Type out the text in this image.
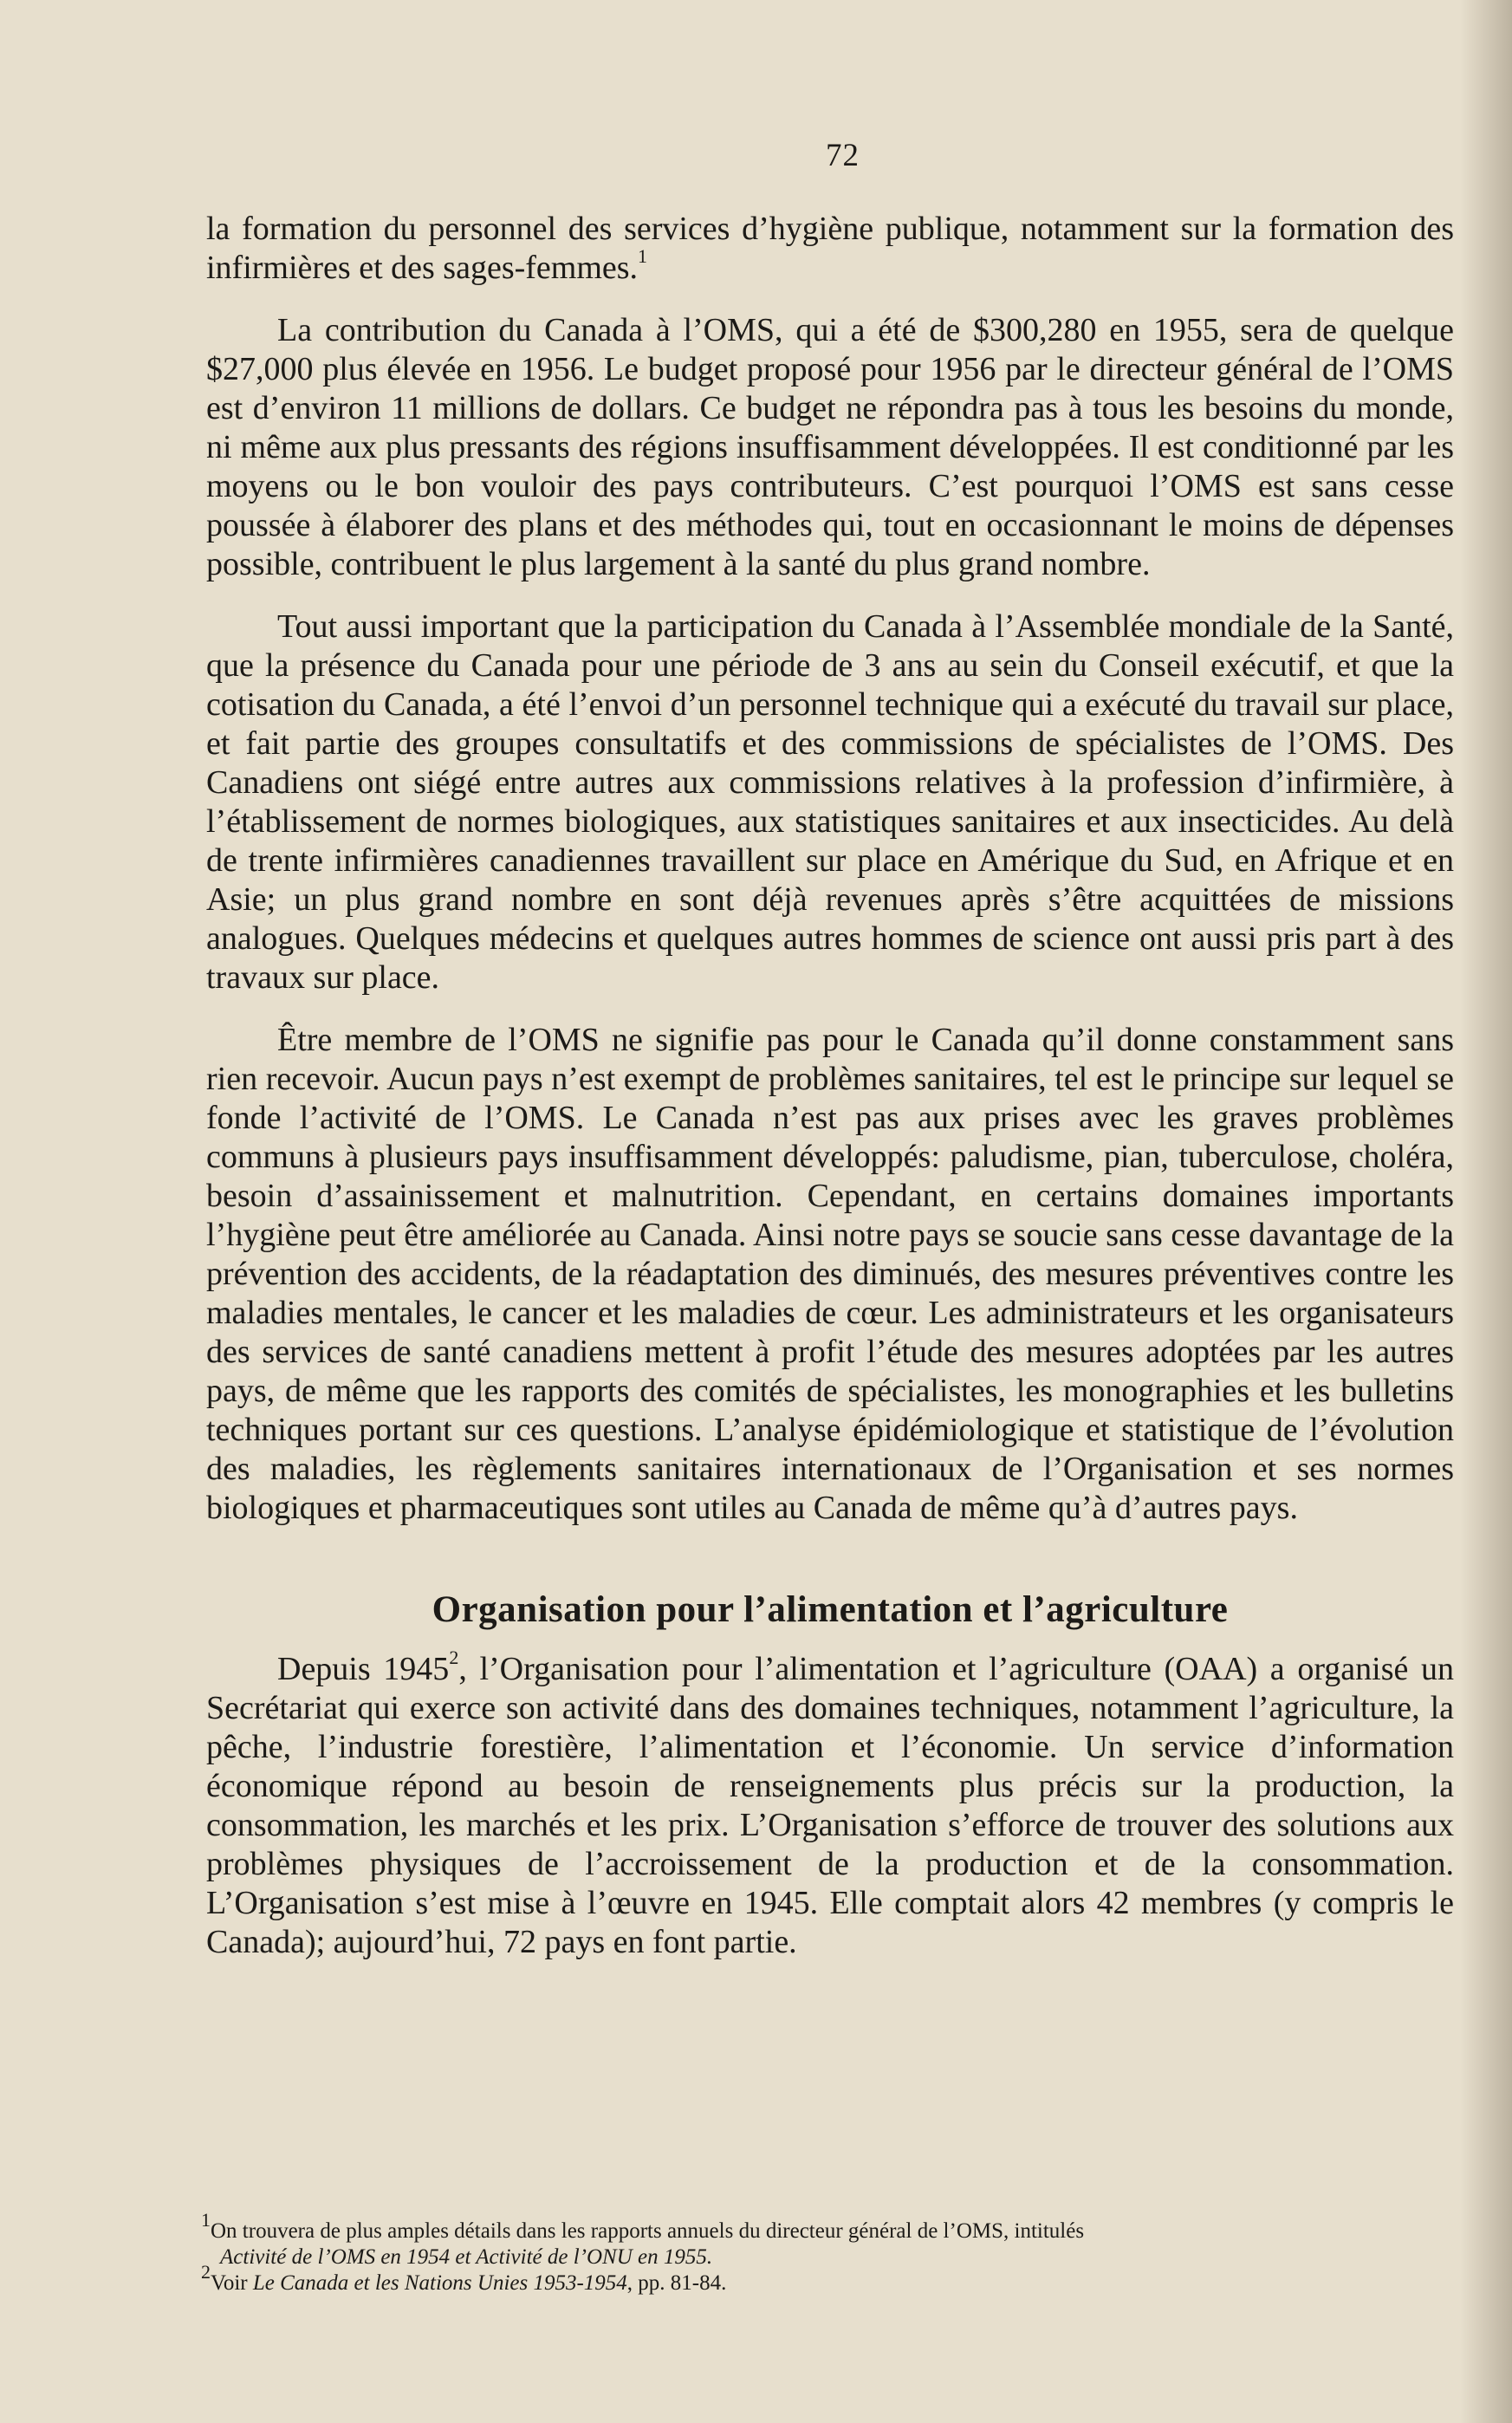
72

la formation du personnel des services d’hygiène publique, notamment sur la formation des infirmières et des sages-femmes.$^1$

La contribution du Canada à l’OMS, qui a été de $300,280 en 1955, sera de quelque $27,000 plus élevée en 1956. Le budget proposé pour 1956 par le directeur général de l’OMS est d’environ 11 millions de dollars. Ce budget ne répondra pas à tous les besoins du monde, ni même aux plus pressants des régions insuffisamment développées. Il est conditionné par les moyens ou le bon vouloir des pays contributeurs. C’est pourquoi l’OMS est sans cesse poussée à élaborer des plans et des méthodes qui, tout en occasionnant le moins de dépenses possible, contribuent le plus largement à la santé du plus grand nombre.

Tout aussi important que la participation du Canada à l’Assemblée mondiale de la Santé, que la présence du Canada pour une période de 3 ans au sein du Conseil exécutif, et que la cotisation du Canada, a été l’envoi d’un personnel technique qui a exécuté du travail sur place, et fait partie des groupes consultatifs et des commissions de spécialistes de l’OMS. Des Canadiens ont siégé entre autres aux commissions relatives à la profession d’infirmière, à l’établissement de normes biologiques, aux statistiques sanitaires et aux insecticides. Au delà de trente infirmières canadiennes travaillent sur place en Amérique du Sud, en Afrique et en Asie; un plus grand nombre en sont déjà revenues après s’être acquittées de missions analogues. Quelques médecins et quelques autres hommes de science ont aussi pris part à des travaux sur place.

Être membre de l’OMS ne signifie pas pour le Canada qu’il donne constamment sans rien recevoir. Aucun pays n’est exempt de problèmes sanitaires, tel est le principe sur lequel se fonde l’activité de l’OMS. Le Canada n’est pas aux prises avec les graves problèmes communs à plusieurs pays insuffisamment développés: paludisme, pian, tuberculose, choléra, besoin d’assainissement et malnutrition. Cependant, en certains domaines importants l’hygiène peut être améliorée au Canada. Ainsi notre pays se soucie sans cesse davantage de la prévention des accidents, de la réadaptation des diminués, des mesures préventives contre les maladies mentales, le cancer et les maladies de cœur. Les administrateurs et les organisateurs des services de santé canadiens mettent à profit l’étude des mesures adoptées par les autres pays, de même que les rapports des comités de spécialistes, les monographies et les bulletins techniques portant sur ces questions. L’analyse épidémiologique et statistique de l’évolution des maladies, les règlements sanitaires internationaux de l’Organisation et ses normes biologiques et pharmaceutiques sont utiles au Canada de même qu’à d’autres pays.

Organisation pour l’alimentation et l’agriculture

Depuis 1945$^2$, l’Organisation pour l’alimentation et l’agriculture (OAA) a organisé un Secrétariat qui exerce son activité dans des domaines techniques, notamment l’agriculture, la pêche, l’industrie forestière, l’alimentation et l’économie. Un service d’information économique répond au besoin de renseignements plus précis sur la production, la consommation, les marchés et les prix. L’Organisation s’efforce de trouver des solutions aux problèmes physiques de l’accroissement de la production et de la consommation. L’Organisation s’est mise à l’œuvre en 1945. Elle comptait alors 42 membres (y compris le Canada); aujourd’hui, 72 pays en font partie.

$^1$On trouvera de plus amples détails dans les rapports annuels du directeur général de l’OMS, intitulés

Activité de l’OMS en 1954 et Activité de l’ONU en 1955.

$^2$Voir Le Canada et les Nations Unies 1953-1954, pp. 81-84.
